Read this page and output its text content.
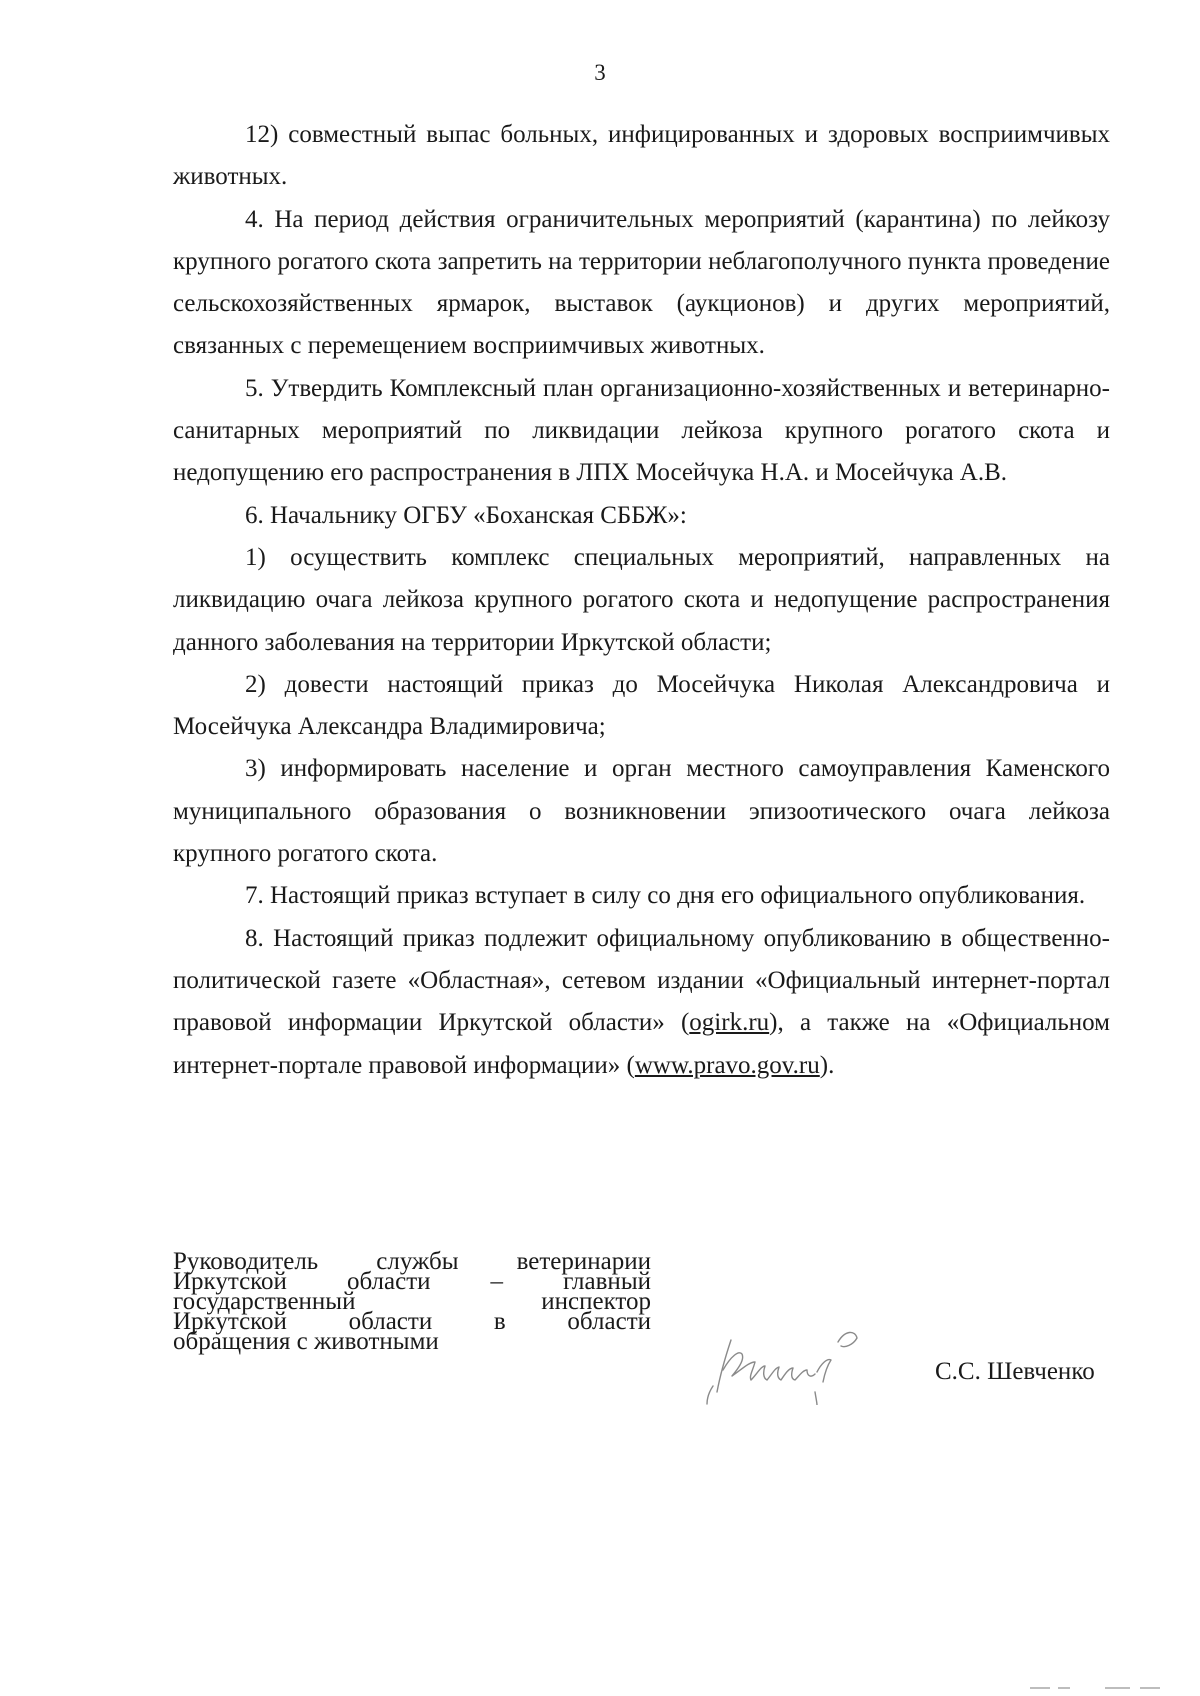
3

12) совместный выпас больных, инфицированных и здоровых восприимчивых животных.

4. На период действия ограничительных мероприятий (карантина) по лейкозу крупного рогатого скота запретить на территории неблагополучного пункта проведение сельскохозяйственных ярмарок, выставок (аукционов) и других мероприятий, связанных с перемещением восприимчивых животных.

5. Утвердить Комплексный план организационно-хозяйственных и ветеринарно-санитарных мероприятий по ликвидации лейкоза крупного рогатого скота и недопущению его распространения в ЛПХ Мосейчука Н.А. и Мосейчука А.В.

6. Начальнику ОГБУ «Боханская СББЖ»:

1) осуществить комплекс специальных мероприятий, направленных на ликвидацию очага лейкоза крупного рогатого скота и недопущение распространения данного заболевания на территории Иркутской области;

2) довести настоящий приказ до Мосейчука Николая Александровича и Мосейчука Александра Владимировича;

3) информировать население и орган местного самоуправления Каменского муниципального образования о возникновении эпизоотического очага лейкоза крупного рогатого скота.

7. Настоящий приказ вступает в силу со дня его официального опубликования.

8. Настоящий приказ подлежит официальному опубликованию в общественно-политической газете «Областная», сетевом издании «Официальный интернет-портал правовой информации Иркутской области» (ogirk.ru), а также на «Официальном интернет-портале правовой информации» (www.pravo.gov.ru).

Руководитель службы ветеринарии
Иркутской области – главный
государственный инспектор
Иркутской области в области
обращения с животными
С.С. Шевченко
